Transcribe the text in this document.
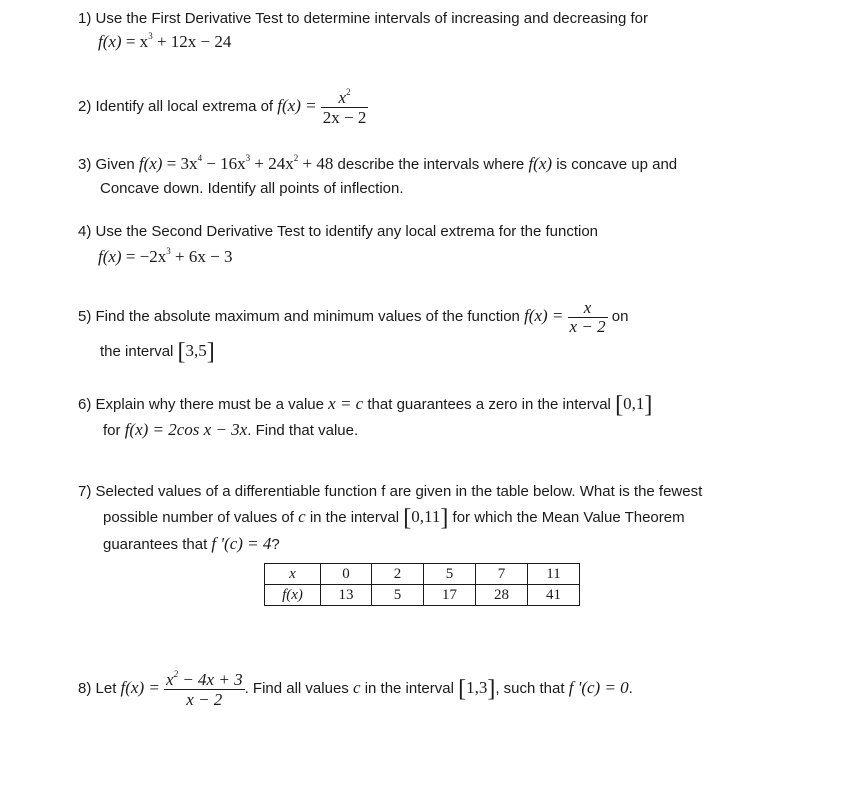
1) Use the First Derivative Test to determine intervals of increasing and decreasing for
$f(x) = x^3 + 12x - 24$
2) Identify all local extrema of $f(x) = \frac{x^2}{2x - 2}$
3) Given $f(x) = 3x^4 - 16x^3 + 24x^2 + 48$ describe the intervals where f(x) is concave up and
Concave down. Identify all points of inflection.
4) Use the Second Derivative Test to identify any local extrema for the function
$f(x) = -2x^3 + 6x - 3$
5) Find the absolute maximum and minimum values of the function $f(x) = \frac{x}{x - 2}$ on
the interval [3,5]
6) Explain why there must be a value x = c that guarantees a zero in the interval [0,1]
for f(x) = 2cos x − 3x. Find that value.
7) Selected values of a differentiable function f are given in the table below. What is the fewest
possible number of values of c in the interval [0,11] for which the Mean Value Theorem
guarantees that f '(c) = 4?
x	0	2	5	7	11
f(x)	13	5	17	28	41
8) Let $f(x) = \frac{x^2 - 4x + 3}{x - 2}$ . Find all values c in the interval [1,3], such that f '(c) = 0.
